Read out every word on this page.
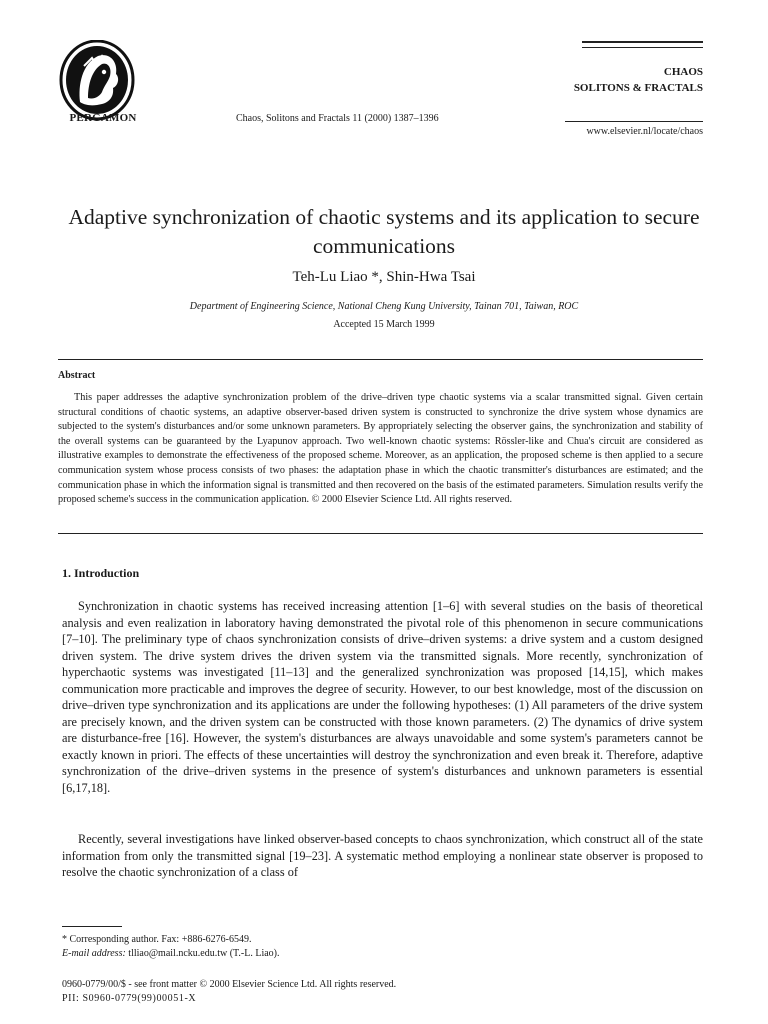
PERGAMON	Chaos, Solitons and Fractals 11 (2000) 1387–1396
CHAOS
SOLITONS & FRACTALS
www.elsevier.nl/locate/chaos
Adaptive synchronization of chaotic systems and its application to secure communications
Teh-Lu Liao *, Shin-Hwa Tsai
Department of Engineering Science, National Cheng Kung University, Tainan 701, Taiwan, ROC
Accepted 15 March 1999
Abstract

This paper addresses the adaptive synchronization problem of the drive–driven type chaotic systems via a scalar transmitted signal. Given certain structural conditions of chaotic systems, an adaptive observer-based driven system is constructed to synchronize the drive system whose dynamics are subjected to the system's disturbances and/or some unknown parameters. By appropriately selecting the observer gains, the synchronization and stability of the overall systems can be guaranteed by the Lyapunov approach. Two well-known chaotic systems: Rössler-like and Chua's circuit are considered as illustrative examples to demonstrate the effectiveness of the proposed scheme. Moreover, as an application, the proposed scheme is then applied to a secure communication system whose process consists of two phases: the adaptation phase in which the chaotic transmitter's disturbances are estimated; and the communication phase in which the information signal is transmitted and then recovered on the basis of the estimated parameters. Simulation results verify the proposed scheme's success in the communication application. © 2000 Elsevier Science Ltd. All rights reserved.

1. Introduction

Synchronization in chaotic systems has received increasing attention [1–6] with several studies on the basis of theoretical analysis and even realization in laboratory having demonstrated the pivotal role of this phenomenon in secure communications [7–10]. The preliminary type of chaos synchronization consists of drive–driven systems: a drive system and a custom designed driven system. The drive system drives the driven system via the transmitted signals. More recently, synchronization of hyperchaotic systems was investigated [11–13] and the generalized synchronization was proposed [14,15], which makes communication more practicable and improves the degree of security. However, to our best knowledge, most of the discussion on drive–driven type synchronization and its applications are under the following hypotheses: (1) All parameters of the drive system are precisely known, and the driven system can be constructed with those known parameters. (2) The dynamics of drive system are disturbance-free [16]. However, the system's disturbances are always unavoidable and some system's parameters cannot be exactly known in priori. The effects of these uncertainties will destroy the synchronization and even break it. Therefore, adaptive synchronization of the drive–driven systems in the presence of system's disturbances and unknown parameters is essential [6,17,18].

Recently, several investigations have linked observer-based concepts to chaos synchronization, which construct all of the state information from only the transmitted signal [19–23]. A systematic method employing a nonlinear state observer is proposed to resolve the chaotic synchronization of a class of

* Corresponding author. Fax: +886-6276-6549.
E-mail address: tlliao@mail.ncku.edu.tw (T.-L. Liao).
0960-0779/00/$ - see front matter © 2000 Elsevier Science Ltd. All rights reserved.
PII: S0960-0779(99)00051-X
